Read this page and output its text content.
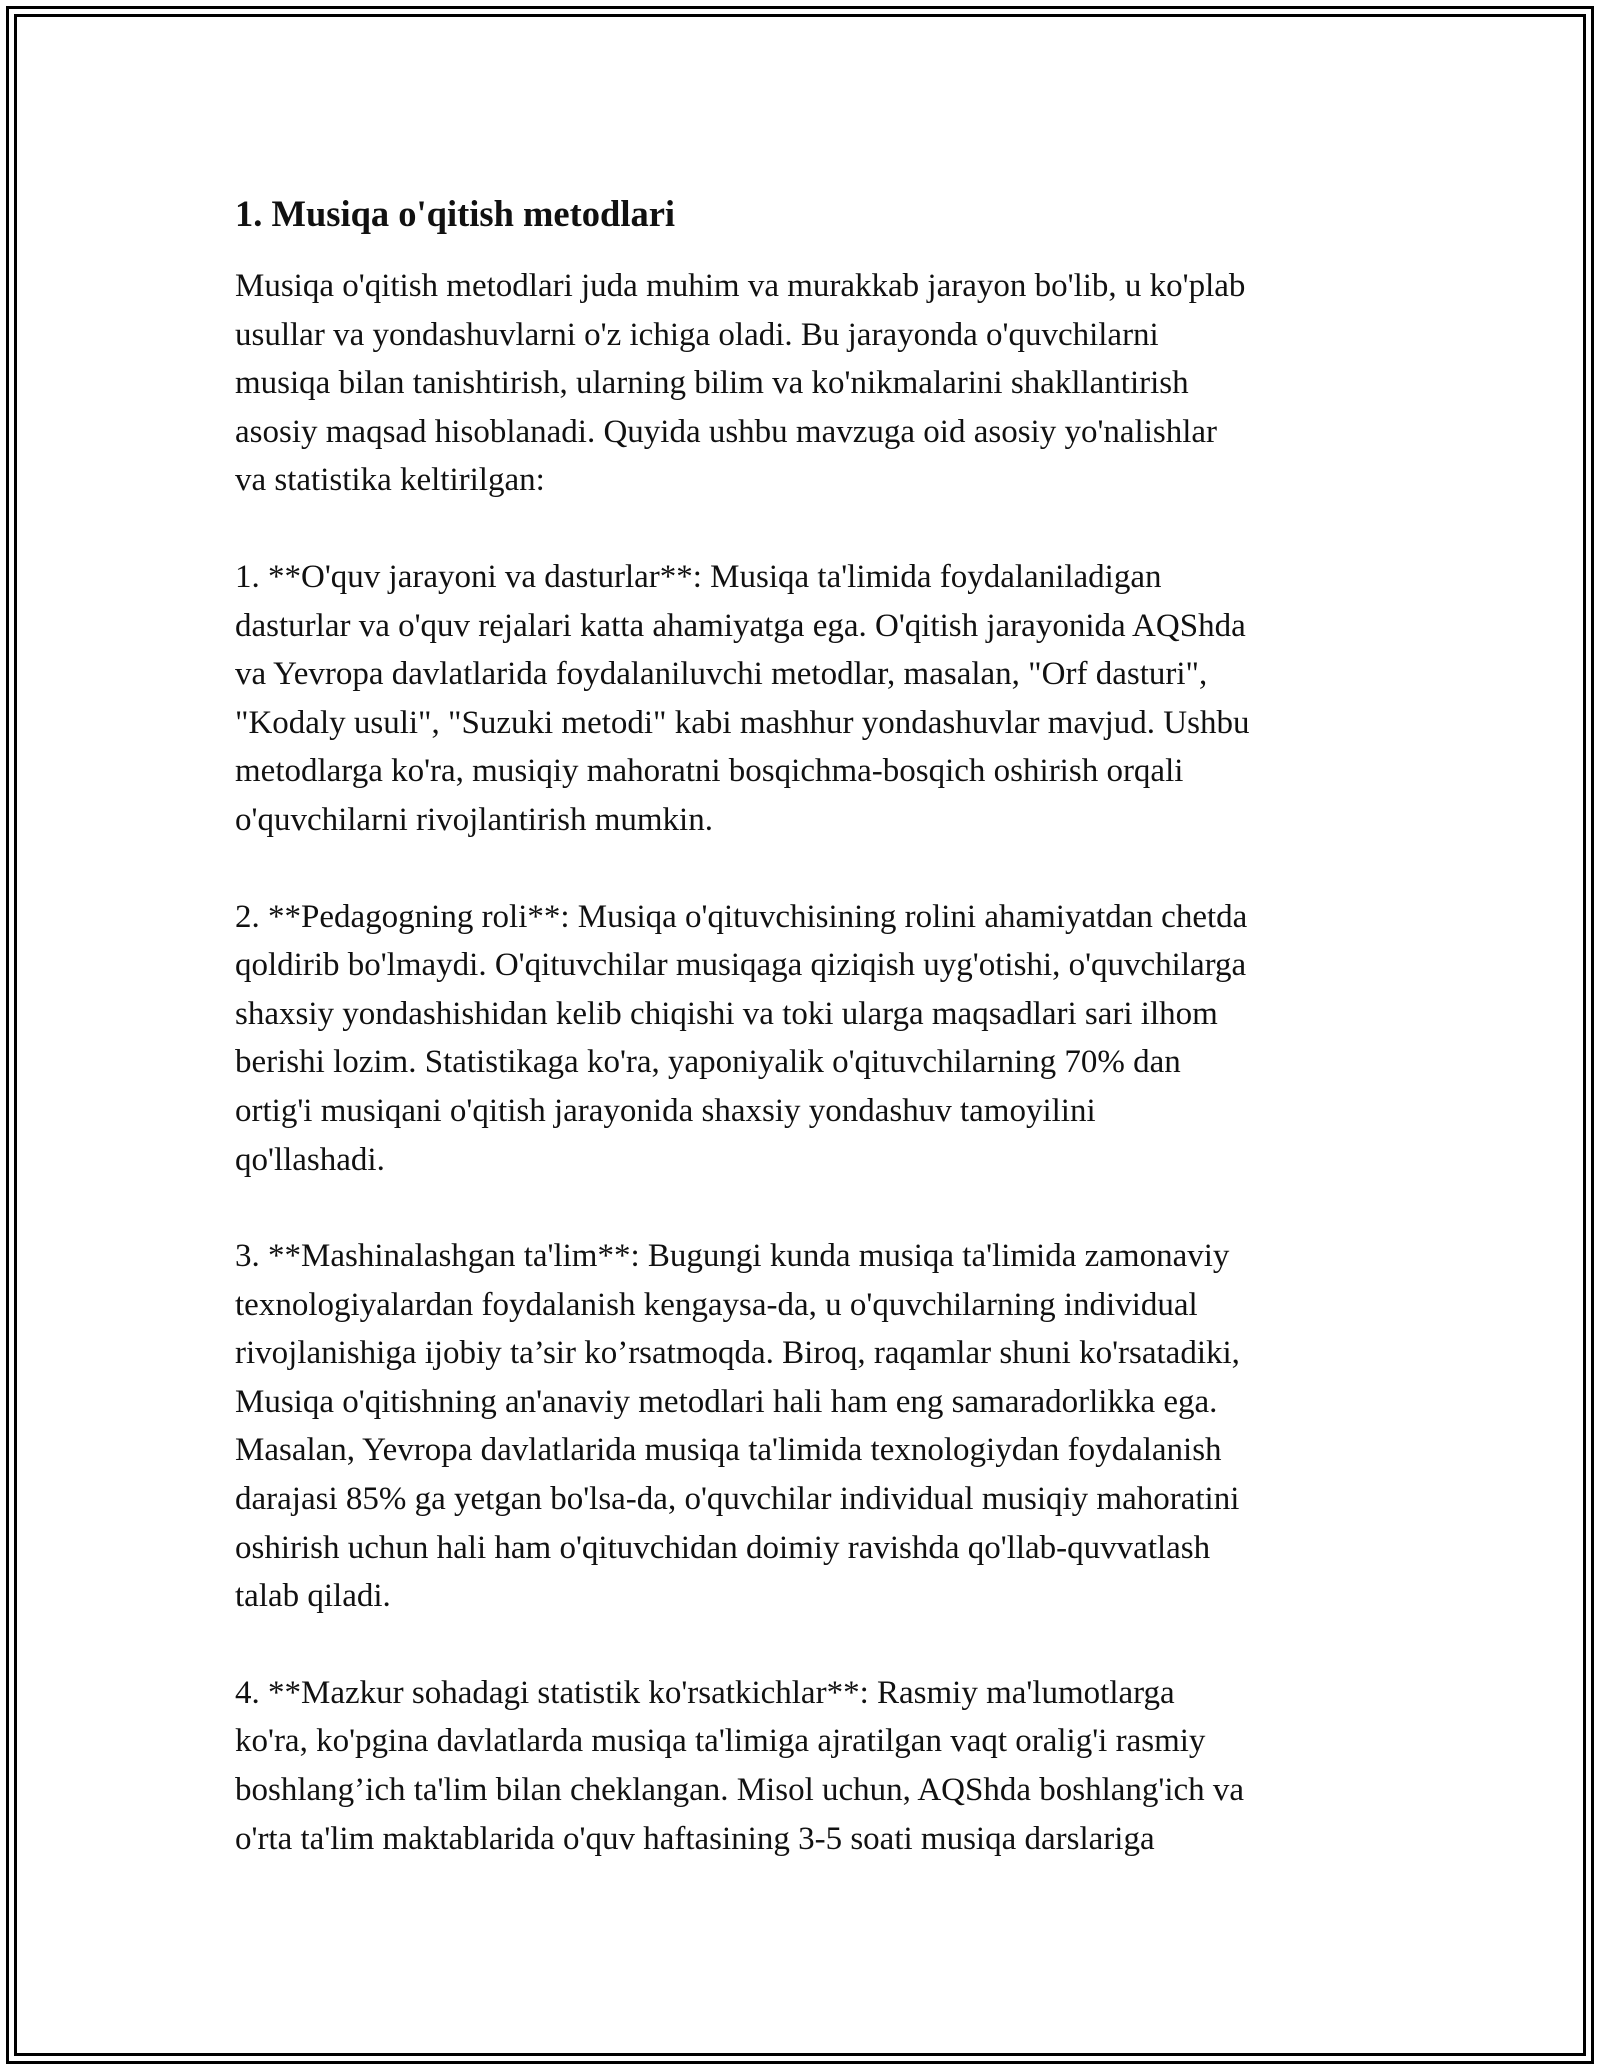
1. Musiqa o'qitish metodlari

Musiqa o'qitish metodlari juda muhim va murakkab jarayon bo'lib, u ko'plab
usullar va yondashuvlarni o'z ichiga oladi. Bu jarayonda o'quvchilarni
musiqa bilan tanishtirish, ularning bilim va ko'nikmalarini shakllantirish
asosiy maqsad hisoblanadi. Quyida ushbu mavzuga oid asosiy yo'nalishlar
va statistika keltirilgan:

1. **O'quv jarayoni va dasturlar**: Musiqa ta'limida foydalaniladigan
dasturlar va o'quv rejalari katta ahamiyatga ega. O'qitish jarayonida AQShda
va Yevropa davlatlarida foydalaniluvchi metodlar, masalan, "Orf dasturi",
"Kodaly usuli", "Suzuki metodi" kabi mashhur yondashuvlar mavjud. Ushbu
metodlarga ko'ra, musiqiy mahoratni bosqichma-bosqich oshirish orqali
o'quvchilarni rivojlantirish mumkin.

2. **Pedagogning roli**: Musiqa o'qituvchisining rolini ahamiyatdan chetda
qoldirib bo'lmaydi. O'qituvchilar musiqaga qiziqish uyg'otishi, o'quvchilarga
shaxsiy yondashishidan kelib chiqishi va toki ularga maqsadlari sari ilhom
berishi lozim. Statistikaga ko'ra, yaponiyalik o'qituvchilarning 70% dan
ortig'i musiqani o'qitish jarayonida shaxsiy yondashuv tamoyilini
qo'llashadi.

3. **Mashinalashgan ta'lim**: Bugungi kunda musiqa ta'limida zamonaviy
texnologiyalardan foydalanish kengaysa-da, u o'quvchilarning individual
rivojlanishiga ijobiy ta’sir ko’rsatmoqda. Biroq, raqamlar shuni ko'rsatadiki,
Musiqa o'qitishning an'anaviy metodlari hali ham eng samaradorlikka ega.
Masalan, Yevropa davlatlarida musiqa ta'limida texnologiydan foydalanish
darajasi 85% ga yetgan bo'lsa-da, o'quvchilar individual musiqiy mahoratini
oshirish uchun hali ham o'qituvchidan doimiy ravishda qo'llab-quvvatlash
talab qiladi.

4. **Mazkur sohadagi statistik ko'rsatkichlar**: Rasmiy ma'lumotlarga
ko'ra, ko'pgina davlatlarda musiqa ta'limiga ajratilgan vaqt oralig'i rasmiy
boshlang’ich ta'lim bilan cheklangan. Misol uchun, AQShda boshlang'ich va
o'rta ta'lim maktablarida o'quv haftasining 3-5 soati musiqa darslariga
